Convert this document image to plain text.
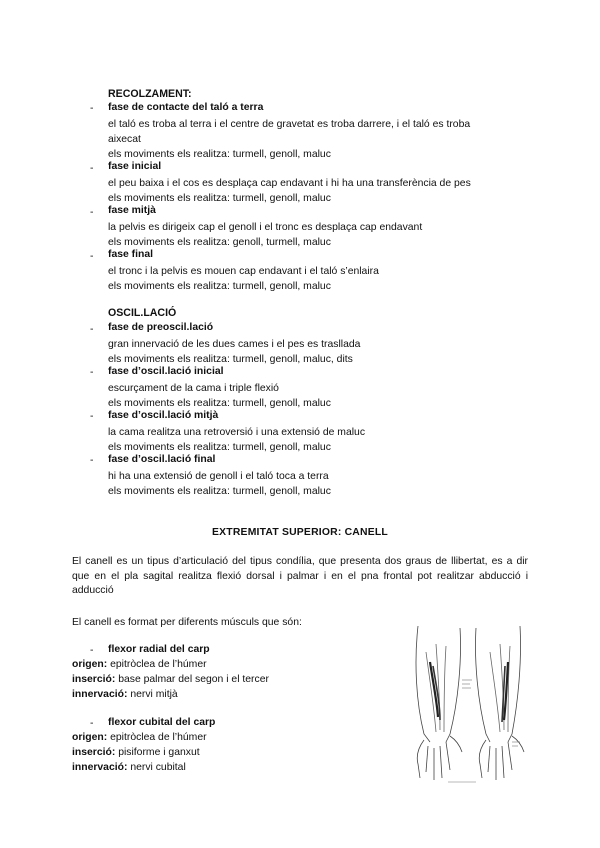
RECOLZAMENT:
- fase de contacte del taló a terra
el taló es troba al terra i el centre de gravetat es troba darrere, i el taló es troba
aixecat
els moviments els realitza: turmell, genoll, maluc
- fase inicial
el peu baixa i el cos es desplaça cap endavant i hi ha una transferència de pes
els moviments els realitza: turmell, genoll, maluc
- fase mitjà
la pelvis es dirigeix cap el genoll i el tronc es desplaça cap endavant
els moviments els realitza: genoll, turmell, maluc
- fase final
el tronc i la pelvis es mouen cap endavant i el taló s’enlaira
els moviments els realitza: turmell, genoll, maluc
OSCIL.LACIÓ
- fase de preoscil.lació
gran innervació de les dues cames i el pes es trasllada
els moviments els realitza: turmell, genoll, maluc, dits
- fase d’oscil.lació inicial
escurçament de la cama i triple flexió
els moviments els realitza: turmell, genoll, maluc
- fase d’oscil.lació mitjà
la cama realitza una retroversió i una extensió de maluc
els moviments els realitza: turmell, genoll, maluc
- fase d’oscil.lació final
hi ha una extensió de genoll i el taló toca a terra
els moviments els realitza: turmell, genoll, maluc
EXTREMITAT SUPERIOR: CANELL
El canell es un tipus d’articulació del tipus condília, que presenta dos graus de llibertat, es a dir que en el pla sagital realitza flexió dorsal i palmar i en el pna frontal pot realitzar abducció i adducció
El canell es format per diferents músculs que són:
- flexor radial del carp
origen: epitròclea de l’húmer
inserció: base palmar del segon i el tercer
innervació: nervi mitjà
- flexor cubital del carp
origen: epitròclea de l’húmer
inserció: pisiforme i ganxut
innervació: nervi cubital
